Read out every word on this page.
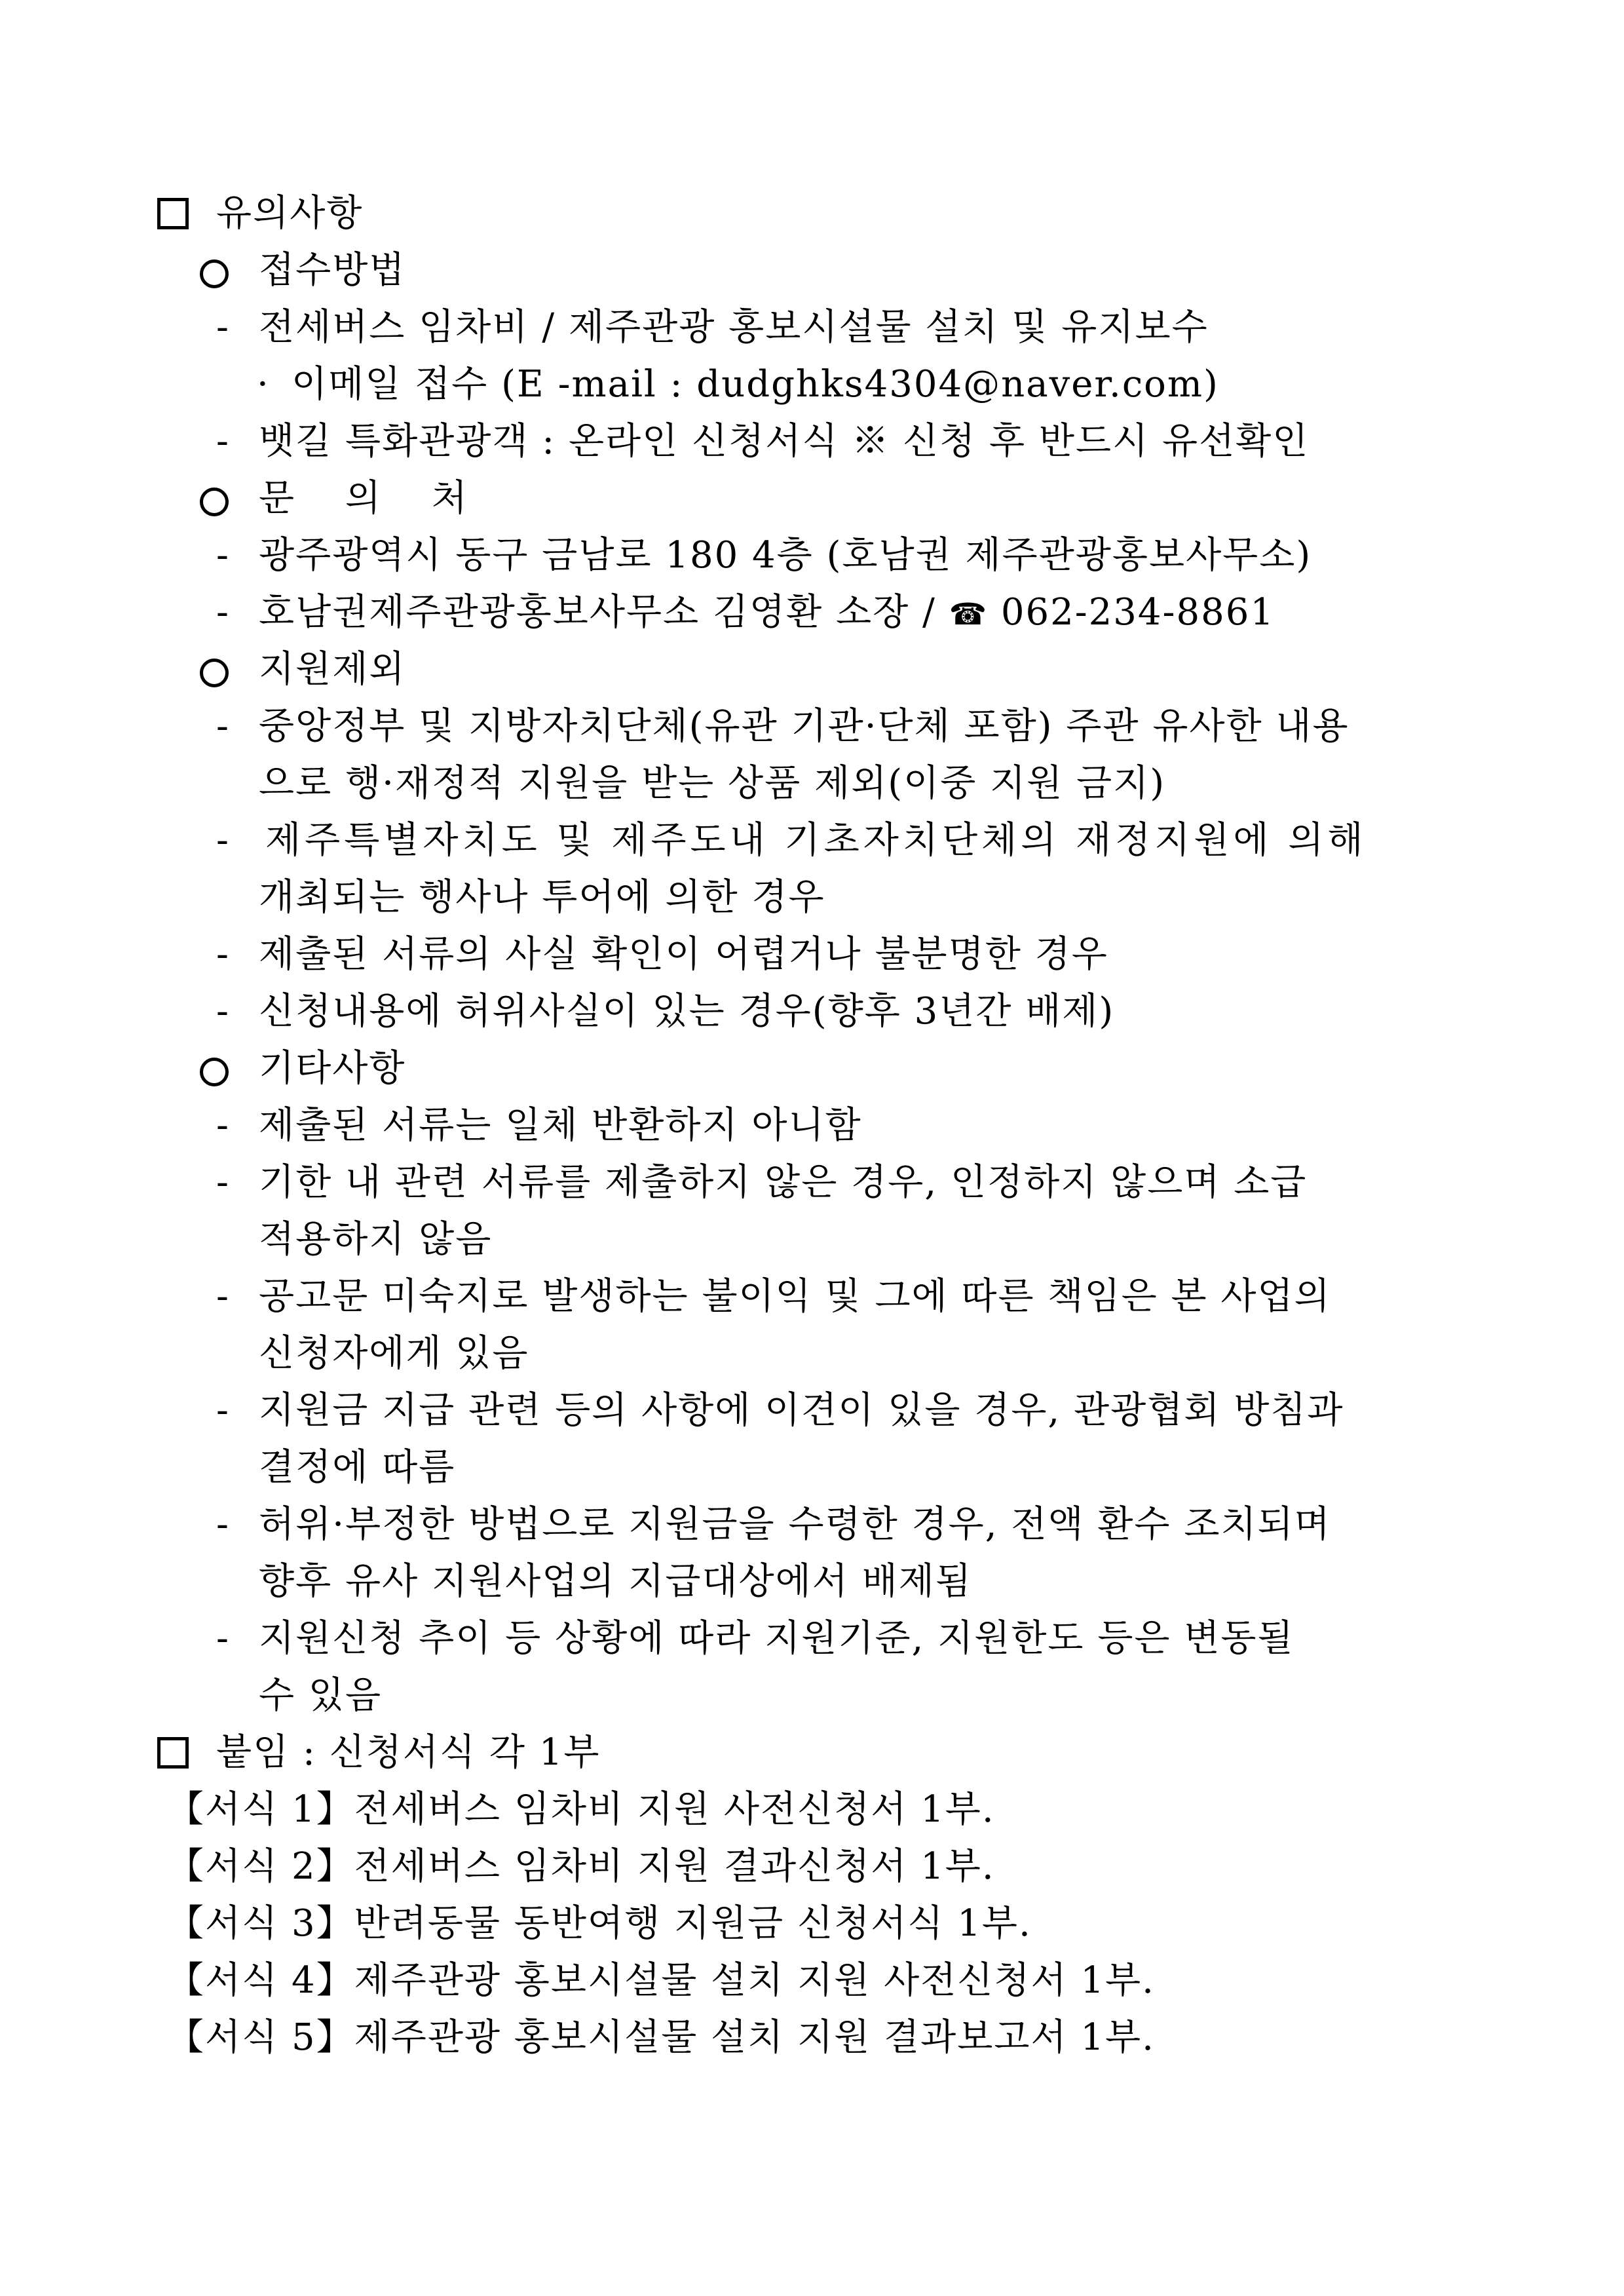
유의사항
접수방법
- 전세버스 임차비 / 제주관광 홍보시설물 설치 및 유지보수
· 이메일 접수 (E -mail : dudghks4304@naver.com)
- 뱃길 특화관광객 : 온라인 신청서식 ※ 신청 후 반드시 유선확인
문 의 처
- 광주광역시 동구 금남로 180 4층 (호남권 제주관광홍보사무소)
- 호남권제주관광홍보사무소 김영환 소장 / ☎ 062-234-8861
지원제외
- 중앙정부 및 지방자치단체(유관 기관·단체 포함) 주관 유사한 내용
으로 행·재정적 지원을 받는 상품 제외(이중 지원 금지)
- 제주특별자치도 및 제주도내 기초자치단체의 재정지원에 의해
개최되는 행사나 투어에 의한 경우
- 제출된 서류의 사실 확인이 어렵거나 불분명한 경우
- 신청내용에 허위사실이 있는 경우(향후 3년간 배제)
기타사항
- 제출된 서류는 일체 반환하지 아니함
- 기한 내 관련 서류를 제출하지 않은 경우, 인정하지 않으며 소급
적용하지 않음
- 공고문 미숙지로 발생하는 불이익 및 그에 따른 책임은 본 사업의
신청자에게 있음
- 지원금 지급 관련 등의 사항에 이견이 있을 경우, 관광협회 방침과
결정에 따름
- 허위·부정한 방법으로 지원금을 수령한 경우, 전액 환수 조치되며
향후 유사 지원사업의 지급대상에서 배제됨
- 지원신청 추이 등 상황에 따라 지원기준, 지원한도 등은 변동될
수 있음
붙임 : 신청서식 각 1부
【서식 1】전세버스 임차비 지원 사전신청서 1부.
【서식 2】전세버스 임차비 지원 결과신청서 1부.
【서식 3】반려동물 동반여행 지원금 신청서식 1부.
【서식 4】제주관광 홍보시설물 설치 지원 사전신청서 1부.
【서식 5】제주관광 홍보시설물 설치 지원 결과보고서 1부.
